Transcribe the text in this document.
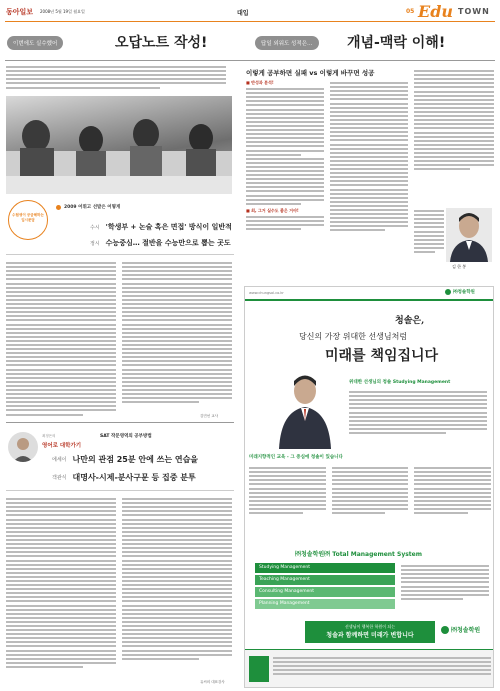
동아일보 2008년 5월 19일 월요일	대입	05 Edu TOWN
이번에도 실수했어	오답노트 작성!	답일 외워도 성적은…	개념-맥락 이해!
이렇게 공부하면 실패 vs 이렇게 바꾸면 성공
■ 반성과 분석!
■ 최, 그거 실수도 좋은 거야!
김 한 봉
수험생이 궁금해하는 입시문답
2009 어휘고 선발은 어떻게
수시 '학생부 + 논술 혹은 면접' 방식이 일반적
정시 수능중심… 절반을 수능만으로 뽑는 곳도
김민선 교사
최정은의
영어로 대학가기
SAT 작문영역의 공부방법
에세이 나만의 관점 25분 안에 쓰는 연습을
객관식 대명사-시제-분사구문 등 집중 분투
유씨의 대표강사
www.chungsol.co.kr	㈜청솔학원
청솔은,
당신의 가장 위대한 선생님처럼
미래를 책임집니다
위대한 선생님의 청솔 Studying Management
미래지향적인 교육 - 그 중심에 청솔이 있습니다
㈜청솔학원㈜ Total Management System
Studying Management
Teaching Management
Consulting Management
Planning Management
선생님이 행복한 학원이 되는
청솔과 함께하면 미래가 변합니다
㈜청솔학원
